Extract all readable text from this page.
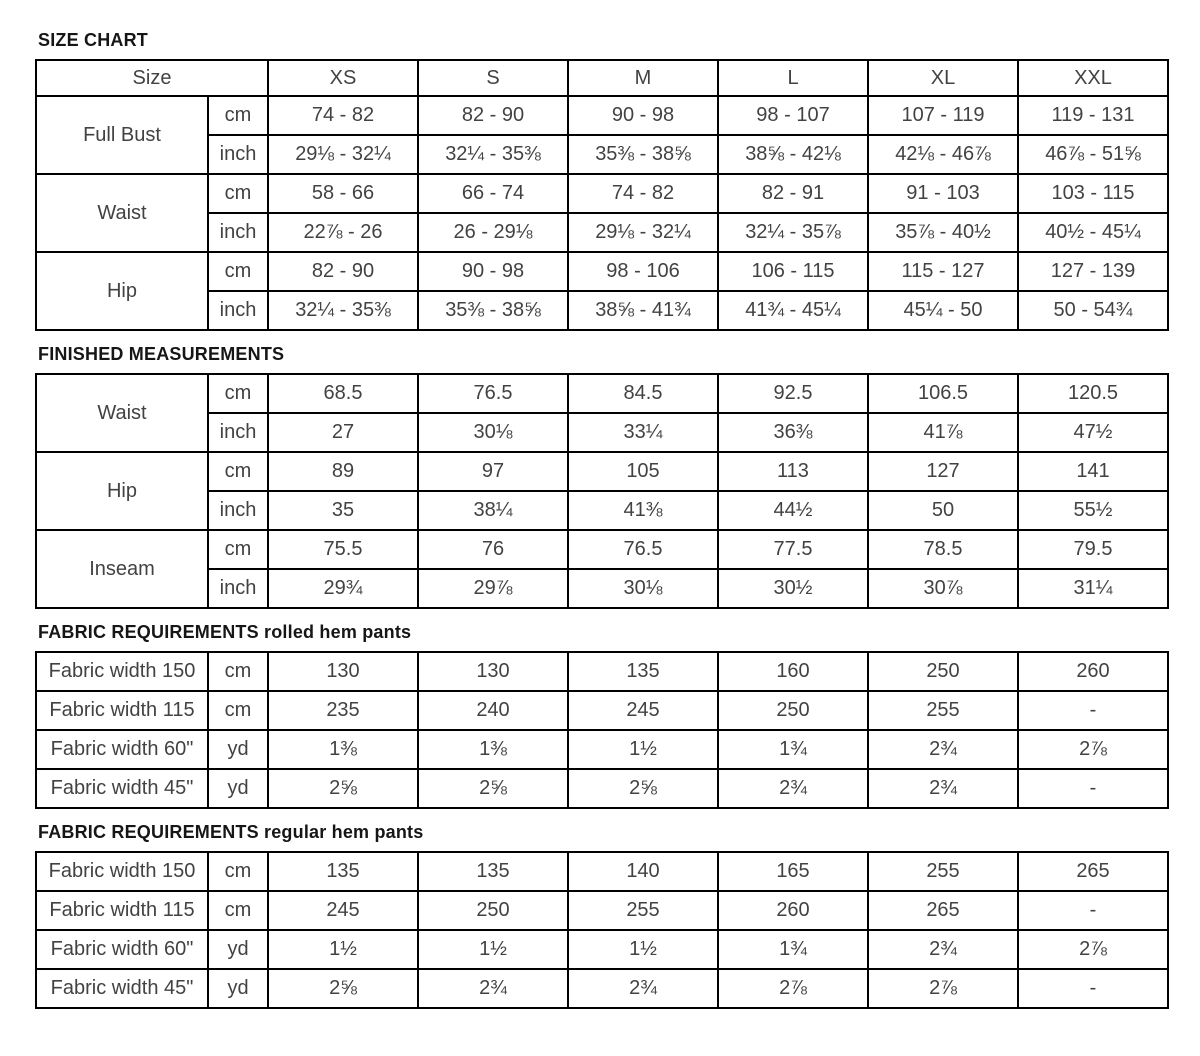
SIZE CHART
Size		XS	S	M	L	XL	XXL
Full Bust	cm	74 - 82	82 - 90	90 - 98	98 - 107	107 - 119	119 - 131
	inch	29⅛ - 32¼	32¼ - 35⅜	35⅜ - 38⅝	38⅝ - 42⅛	42⅛ - 46⅞	46⅞ - 51⅝
Waist	cm	58 - 66	66 - 74	74 - 82	82 - 91	91 - 103	103 - 115
	inch	22⅞ - 26	26 - 29⅛	29⅛ - 32¼	32¼ - 35⅞	35⅞ - 40½	40½ - 45¼
Hip	cm	82 - 90	90 - 98	98 - 106	106 - 115	115 - 127	127 - 139
	inch	32¼ - 35⅜	35⅜ - 38⅝	38⅝ - 41¾	41¾ - 45¼	45¼ - 50	50 - 54¾
FINISHED MEASUREMENTS
Waist	cm	68.5	76.5	84.5	92.5	106.5	120.5
	inch	27	30⅛	33¼	36⅜	41⅞	47½
Hip	cm	89	97	105	113	127	141
	inch	35	38¼	41⅜	44½	50	55½
Inseam	cm	75.5	76	76.5	77.5	78.5	79.5
	inch	29¾	29⅞	30⅛	30½	30⅞	31¼
FABRIC REQUIREMENTS rolled hem pants
Fabric width 150	cm	130	130	135	160	250	260
Fabric width 115	cm	235	240	245	250	255	-
Fabric width 60"	yd	1⅜	1⅜	1½	1¾	2¾	2⅞
Fabric width 45"	yd	2⅝	2⅝	2⅝	2¾	2¾	-
FABRIC REQUIREMENTS regular hem pants
Fabric width 150	cm	135	135	140	165	255	265
Fabric width 115	cm	245	250	255	260	265	-
Fabric width 60"	yd	1½	1½	1½	1¾	2¾	2⅞
Fabric width 45"	yd	2⅝	2¾	2¾	2⅞	2⅞	-
